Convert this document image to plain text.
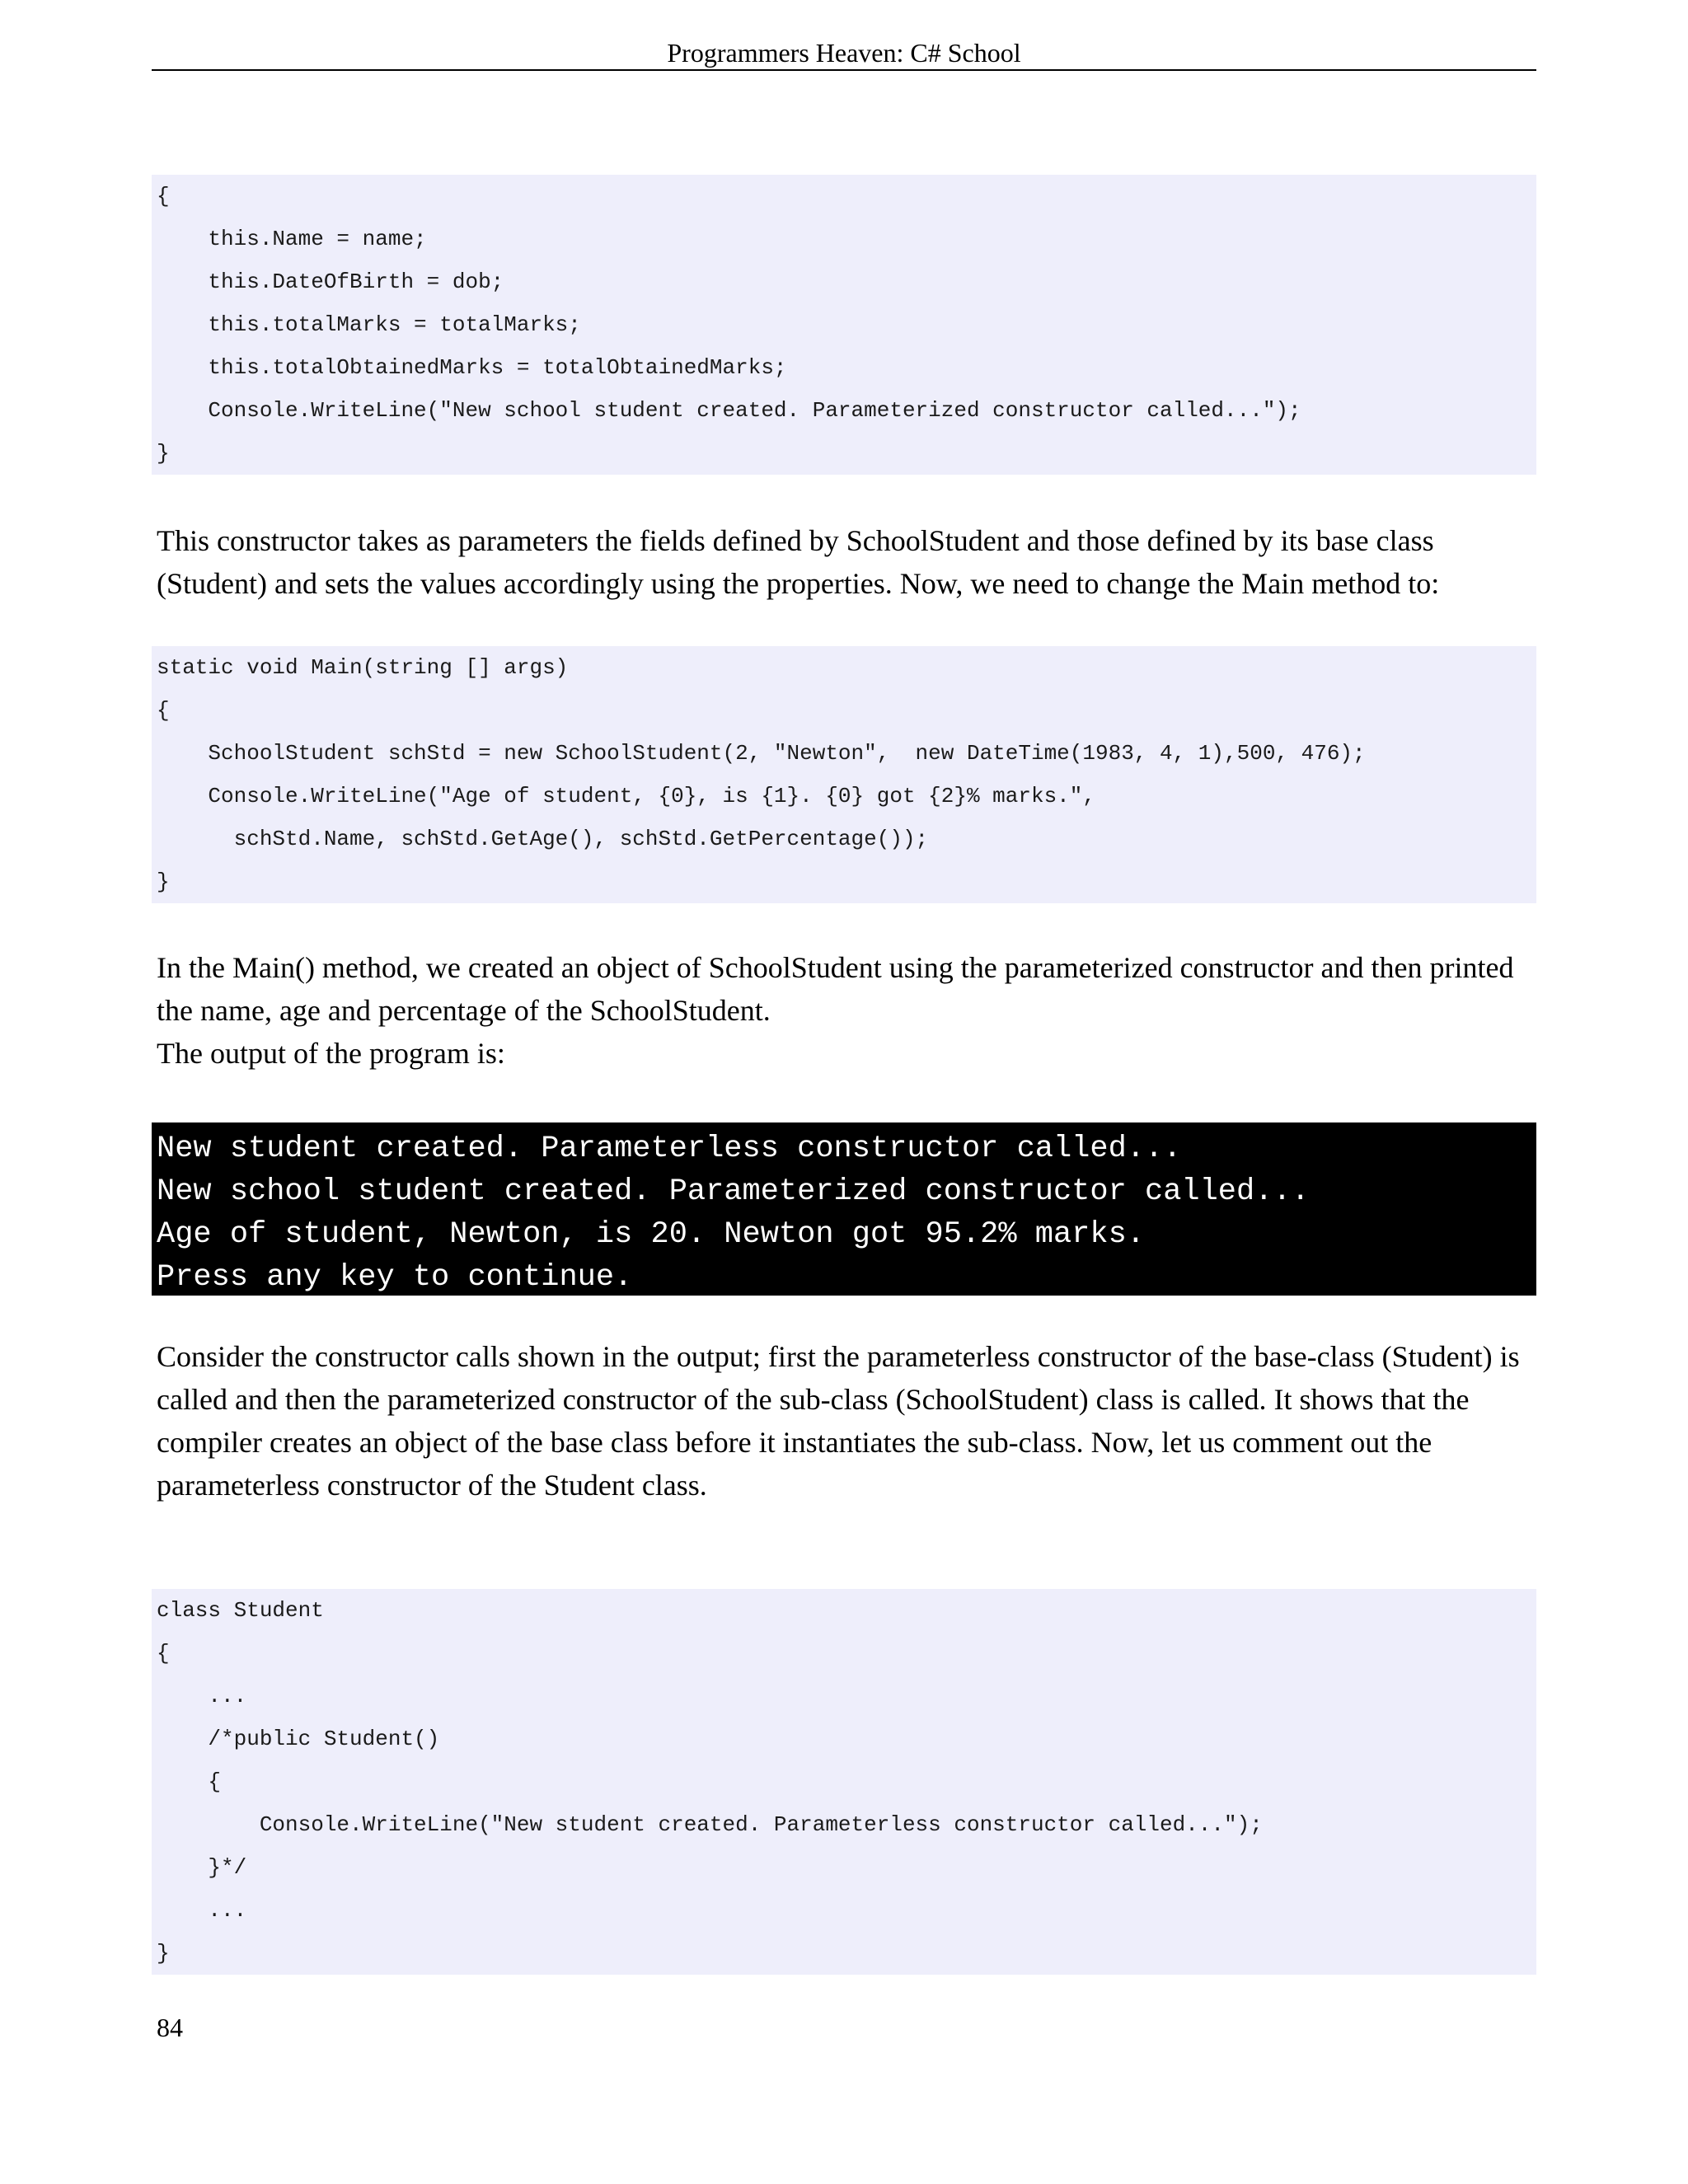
Programmers Heaven: C# School
{
this.Name = name;
this.DateOfBirth = dob;
this.totalMarks = totalMarks;
this.totalObtainedMarks = totalObtainedMarks;
Console.WriteLine("New school student created. Parameterized constructor called...");
}

This constructor takes as parameters the fields defined by SchoolStudent and those defined by its base class (Student) and sets the values accordingly using the properties. Now, we need to change the Main method to:

static void Main(string [] args)
{
SchoolStudent schStd = new SchoolStudent(2, "Newton",  new DateTime(1983, 4, 1),500, 476);
Console.WriteLine("Age of student, {0}, is {1}. {0} got {2}% marks.",
schStd.Name, schStd.GetAge(), schStd.GetPercentage());
}

In the Main() method, we created an object of SchoolStudent using the parameterized constructor and then printed the name, age and percentage of the SchoolStudent.

The output of the program is:

New student created. Parameterless constructor called...
New school student created. Parameterized constructor called...
Age of student, Newton, is 20. Newton got 95.2% marks.
Press any key to continue.

Consider the constructor calls shown in the output; first the parameterless constructor of the base-class (Student) is called and then the parameterized constructor of the sub-class (SchoolStudent) class is called. It shows that the compiler creates an object of the base class before it instantiates the sub-class. Now, let us comment out the parameterless constructor of the Student class.

class Student
{
...
/*public Student()
{
Console.WriteLine("New student created. Parameterless constructor called...");
}*/
...
}
84
